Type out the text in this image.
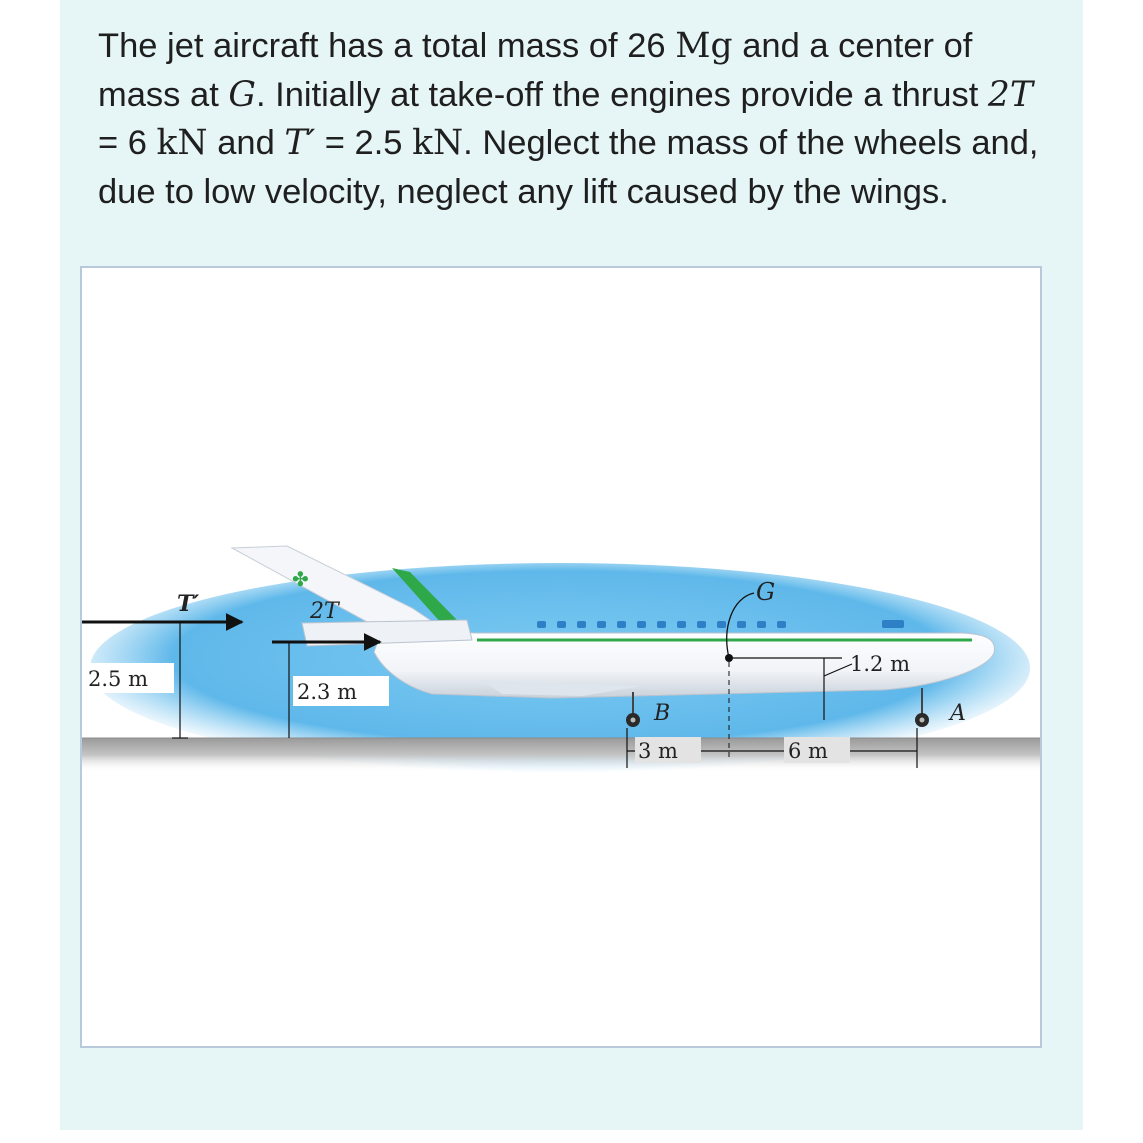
The jet aircraft has a total mass of 26 Mg and a center of mass at G. Initially at take-off the engines provide a thrust 2T = 6 kN and T′ = 2.5 kN. Neglect the mass of the wheels and, due to low velocity, neglect any lift caused by the wings.

✤
T′
2.5 m
2T
2.3 m
G
1.2 m
A
B
3 m	6 m
